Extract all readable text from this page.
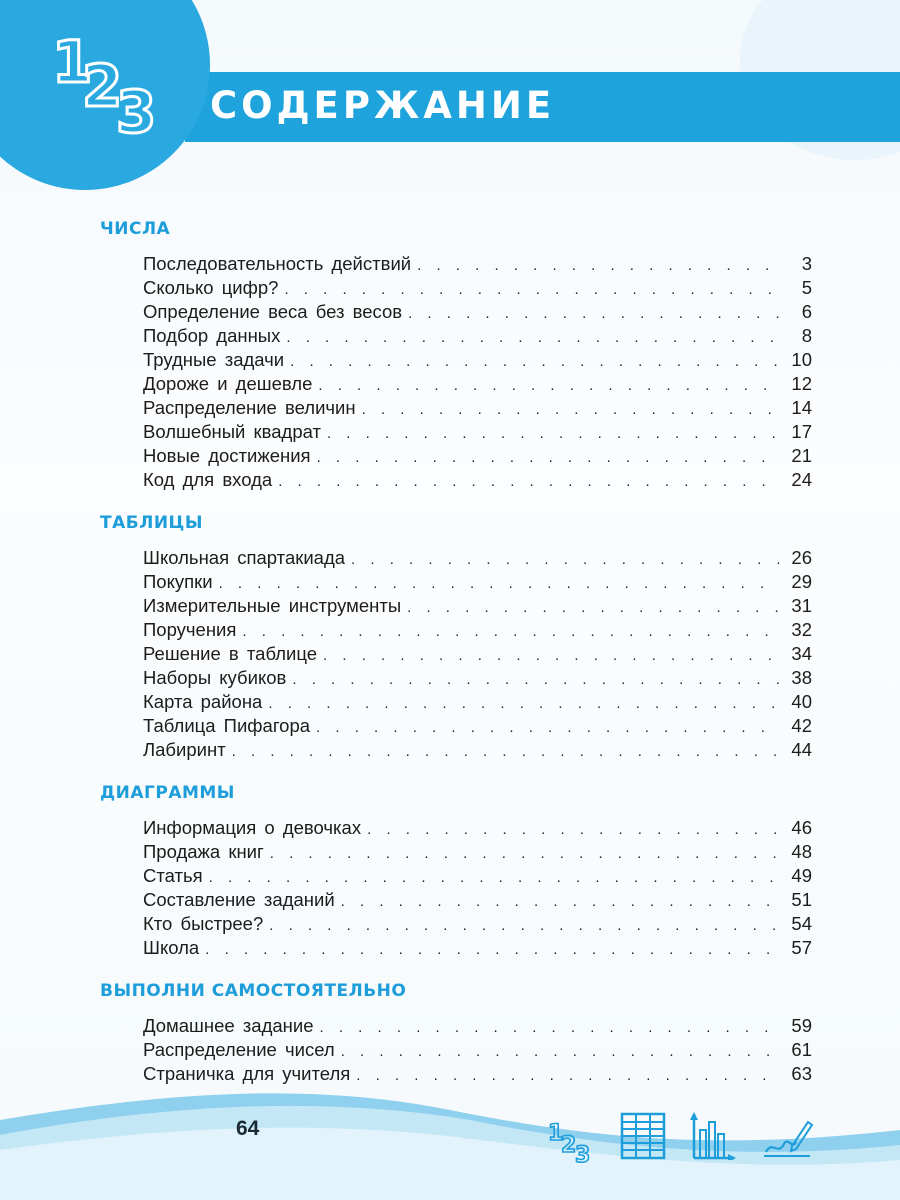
1
2
3 СОДЕРЖАНИЕ
ЧИСЛА
Последовательность действий . . .	3
Сколько цифр? . . .	5
Определение веса без весов . . .	6
Подбор данных . . .	8
Трудные задачи . . .	10
Дороже и дешевле . . .	12
Распределение величин . . .	14
Волшебный квадрат . . .	17
Новые достижения . . .	21
Код для входа . . .	24
ТАБЛИЦЫ
Школьная спартакиада . . .	26
Покупки . . .	29
Измерительные инструменты . . .	31
Поручения . . .	32
Решение в таблице . . .	34
Наборы кубиков . . .	38
Карта района . . .	40
Таблица Пифагора . . .	42
Лабиринт . . .	44
ДИАГРАММЫ
Информация о девочках . . .	46
Продажа книг . . .	48
Статья . . .	49
Составление заданий . . .	51
Кто быстрее? . . .	54
Школа . . .	57
ВЫПОЛНИ САМОСТОЯТЕЛЬНО
Домашнее задание . . .	59
Распределение чисел . . .	61
Страничка для учителя . . .	63
64	1
2
3
